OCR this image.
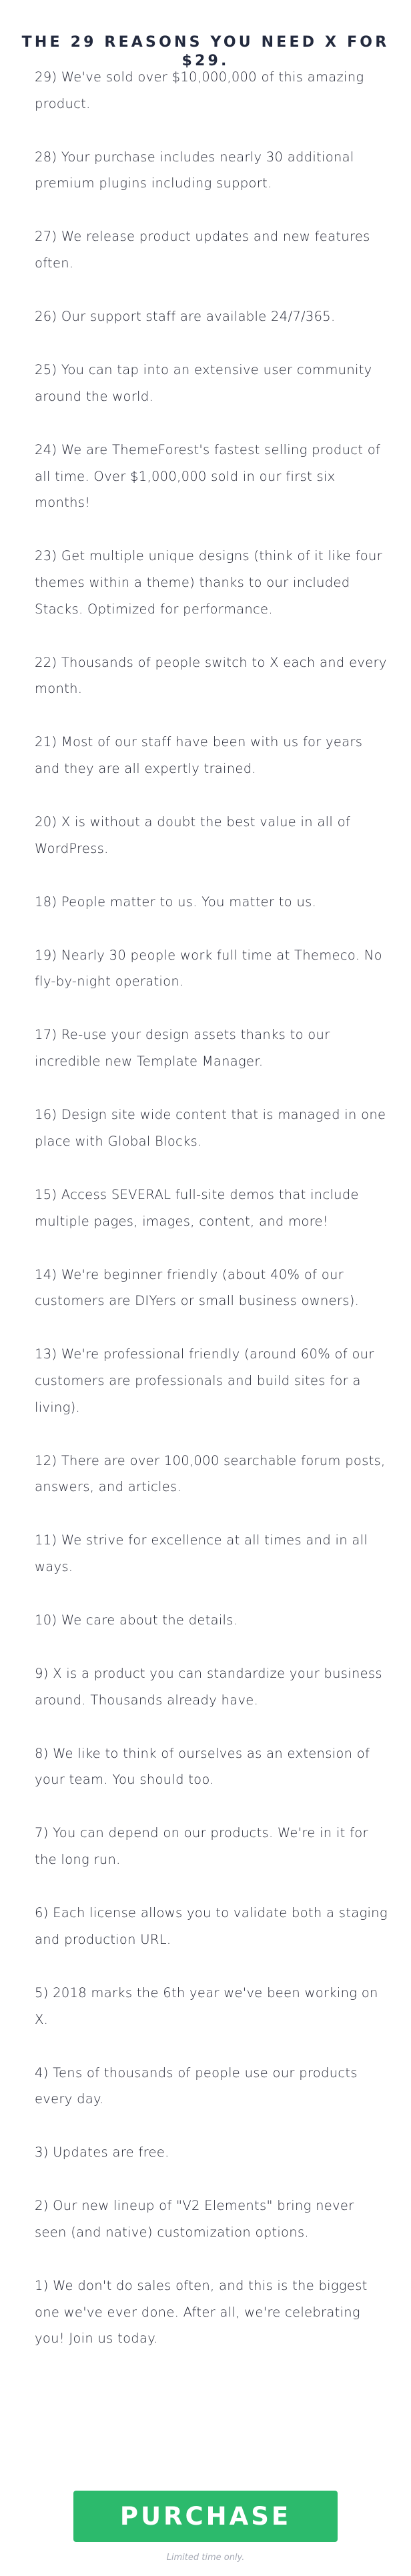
THE 29 REASONS YOU NEED X FOR $29.

29) We've sold over $10,000,000 of this amazing product.

28) Your purchase includes nearly 30 additional premium plugins including support.

27) We release product updates and new features often.

26) Our support staff are available 24/7/365.

25) You can tap into an extensive user community around the world.

24) We are ThemeForest's fastest selling product of all time. Over $1,000,000 sold in our first six months!

23) Get multiple unique designs (think of it like four themes within a theme) thanks to our included Stacks. Optimized for performance.

22) Thousands of people switch to X each and every month.

21) Most of our staff have been with us for years and they are all expertly trained.

20) X is without a doubt the best value in all of WordPress.

18) People matter to us. You matter to us.

19) Nearly 30 people work full time at Themeco. No fly-by-night operation.

17) Re-use your design assets thanks to our incredible new Template Manager.

16) Design site wide content that is managed in one place with Global Blocks.

15) Access SEVERAL full-site demos that include multiple pages, images, content, and more!

14) We're beginner friendly (about 40% of our customers are DIYers or small business owners).

13) We're professional friendly (around 60% of our customers are professionals and build sites for a living).

12) There are over 100,000 searchable forum posts, answers, and articles.

11) We strive for excellence at all times and in all ways.

10) We care about the details.

9) X is a product you can standardize your business around. Thousands already have.

8) We like to think of ourselves as an extension of your team. You should too.

7) You can depend on our products. We're in it for the long run.

6) Each license allows you to validate both a staging and production URL.

5) 2018 marks the 6th year we've been working on X.

4) Tens of thousands of people use our products every day.

3) Updates are free.

2) Our new lineup of "V2 Elements" bring never seen (and native) customization options.

1) We don't do sales often, and this is the biggest one we've ever done. After all, we're celebrating you! Join us today.

PURCHASE
Limited time only.
